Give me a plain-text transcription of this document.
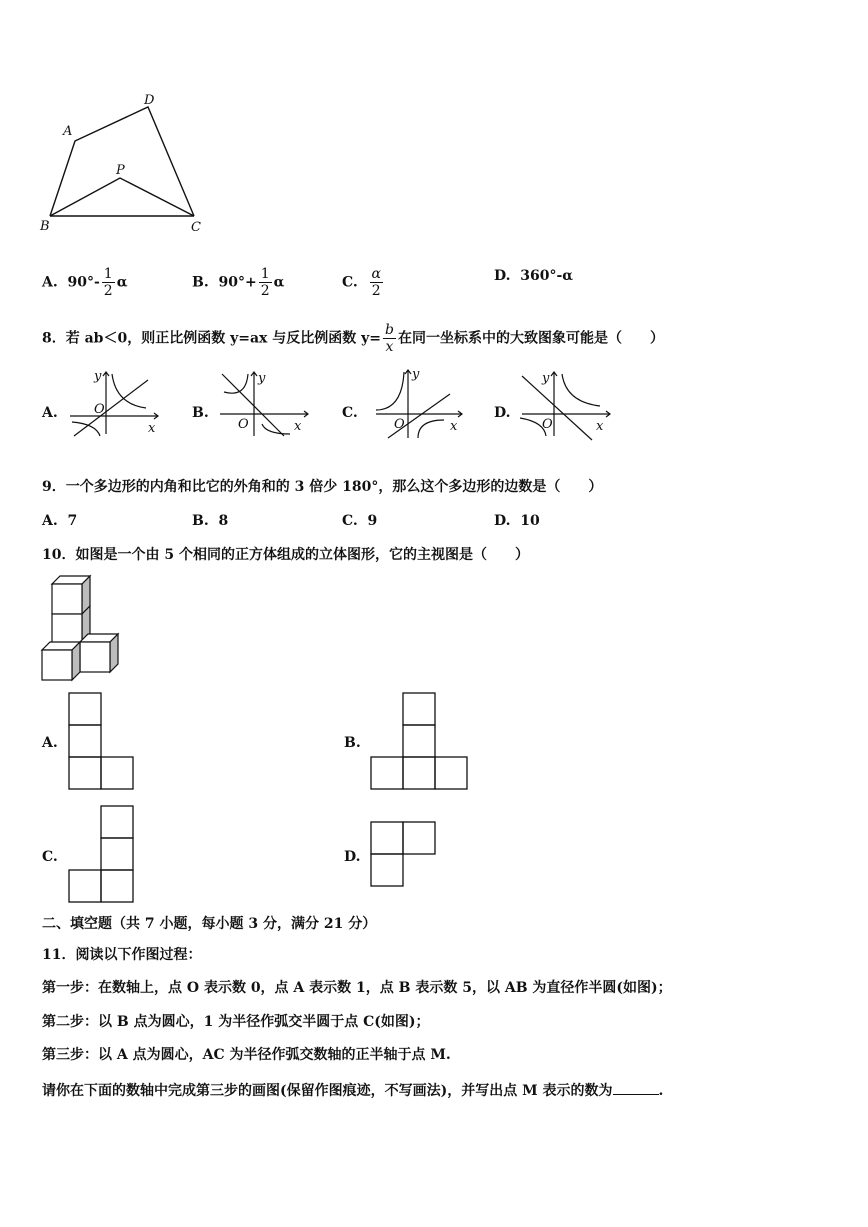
A
B	C
D
P
A. $90^\circ- \frac{1}{2}$ α	B. $90^\circ+ \frac{1}{2}$ α	C. $\frac{\alpha}{2}$	D. 360°-α
8．若 ab＜0，则正比例函数 y=ax 与反比例函数 $y= \frac{b}{x}$ 在同一坐标系中的大致图象可能是（　　）
A.	B.	C.	D.
y
O
x
y
O	x
y
O	x
y
O	x
9．一个多边形的内角和比它的外角和的 3 倍少 180°，那么这个多边形的边数是（　　）
A. 7	B. 8	C. 9	D. 10
10．如图是一个由 5 个相同的正方体组成的立体图形，它的主视图是（　　）
A.	B.
C.	D.
二、填空题（共 7 小题，每小题 3 分，满分 21 分）
11．阅读以下作图过程：
第一步：在数轴上，点 O 表示数 0，点 A 表示数 1，点 B 表示数 5，以 AB 为直径作半圆(如图)；
第二步：以 B 点为圆心，1 为半径作弧交半圆于点 C(如图)；
第三步：以 A 点为圆心，AC 为半径作弧交数轴的正半轴于点 M.
请你在下面的数轴中完成第三步的画图(保留作图痕迹，不写画法)，并写出点 M 表示的数为	.
